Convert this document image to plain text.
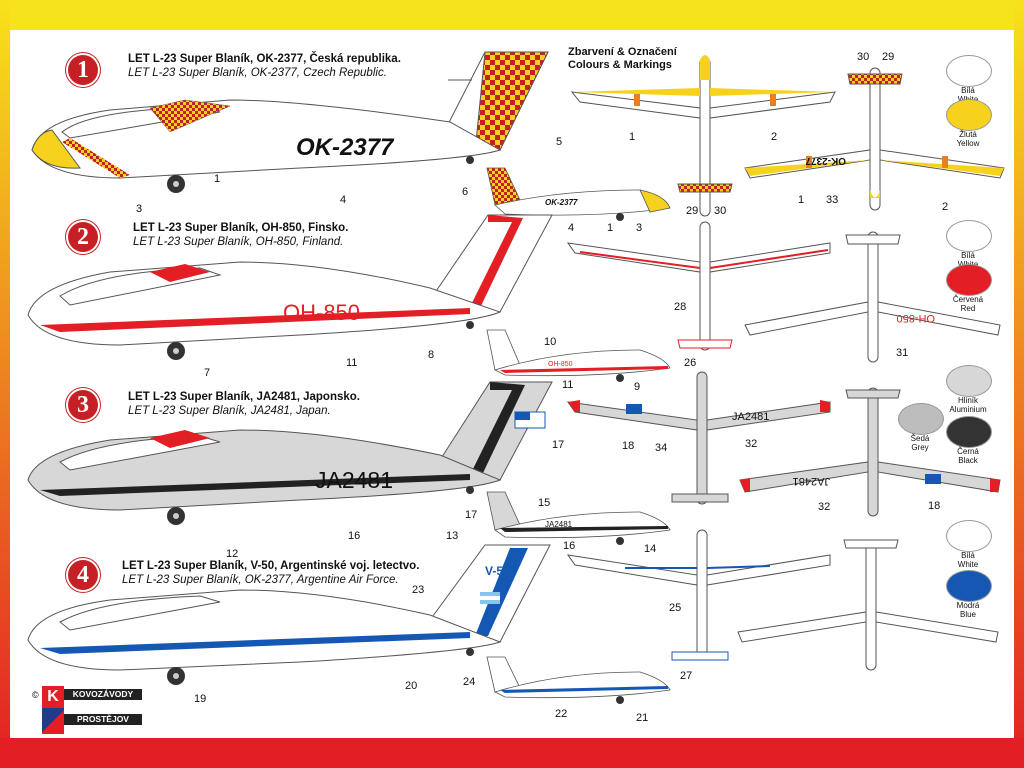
OK-2377
OK-2377
OK-2377
OH-850
OH-850
OH-850
JA2481
JA2481
JA2481
JA2481
V-50
3
1
4
5
6
4	1 3
1	2
29 30
30 29
1 33
2
7
11
8
10
11	9
28
26
31
12
16	13
17
17
15
16	14
18 34	32
32	18
23
19
20	24
22	21
25
27
1	LET L-23 Super Blaník, OK-2377, Česká republika.
LET L-23 Super Blaník, OK-2377, Czech Republic.
2	LET L-23 Super Blaník, OH-850, Finsko.
LET L-23 Super Blaník, OH-850, Finland.
3	LET L-23 Super Blaník, JA2481, Japonsko.
LET L-23 Super Blaník, JA2481, Japan.
4	LET L-23 Super Blaník, V-50, Argentinské voj. letectvo.
LET L-23 Super Blaník, OK-2377, Argentine Air Force.
Zbarvení & Označení
Colours & Markings
Bílá

Žlutá
Yellow
Bílá

Červená
Red
Hliník
Aluminium
Šedá
Grey	Černá
Black
Bílá
White
Modrá
Blue
© K	KOVOZÁVODY
PROSTĚJOV
